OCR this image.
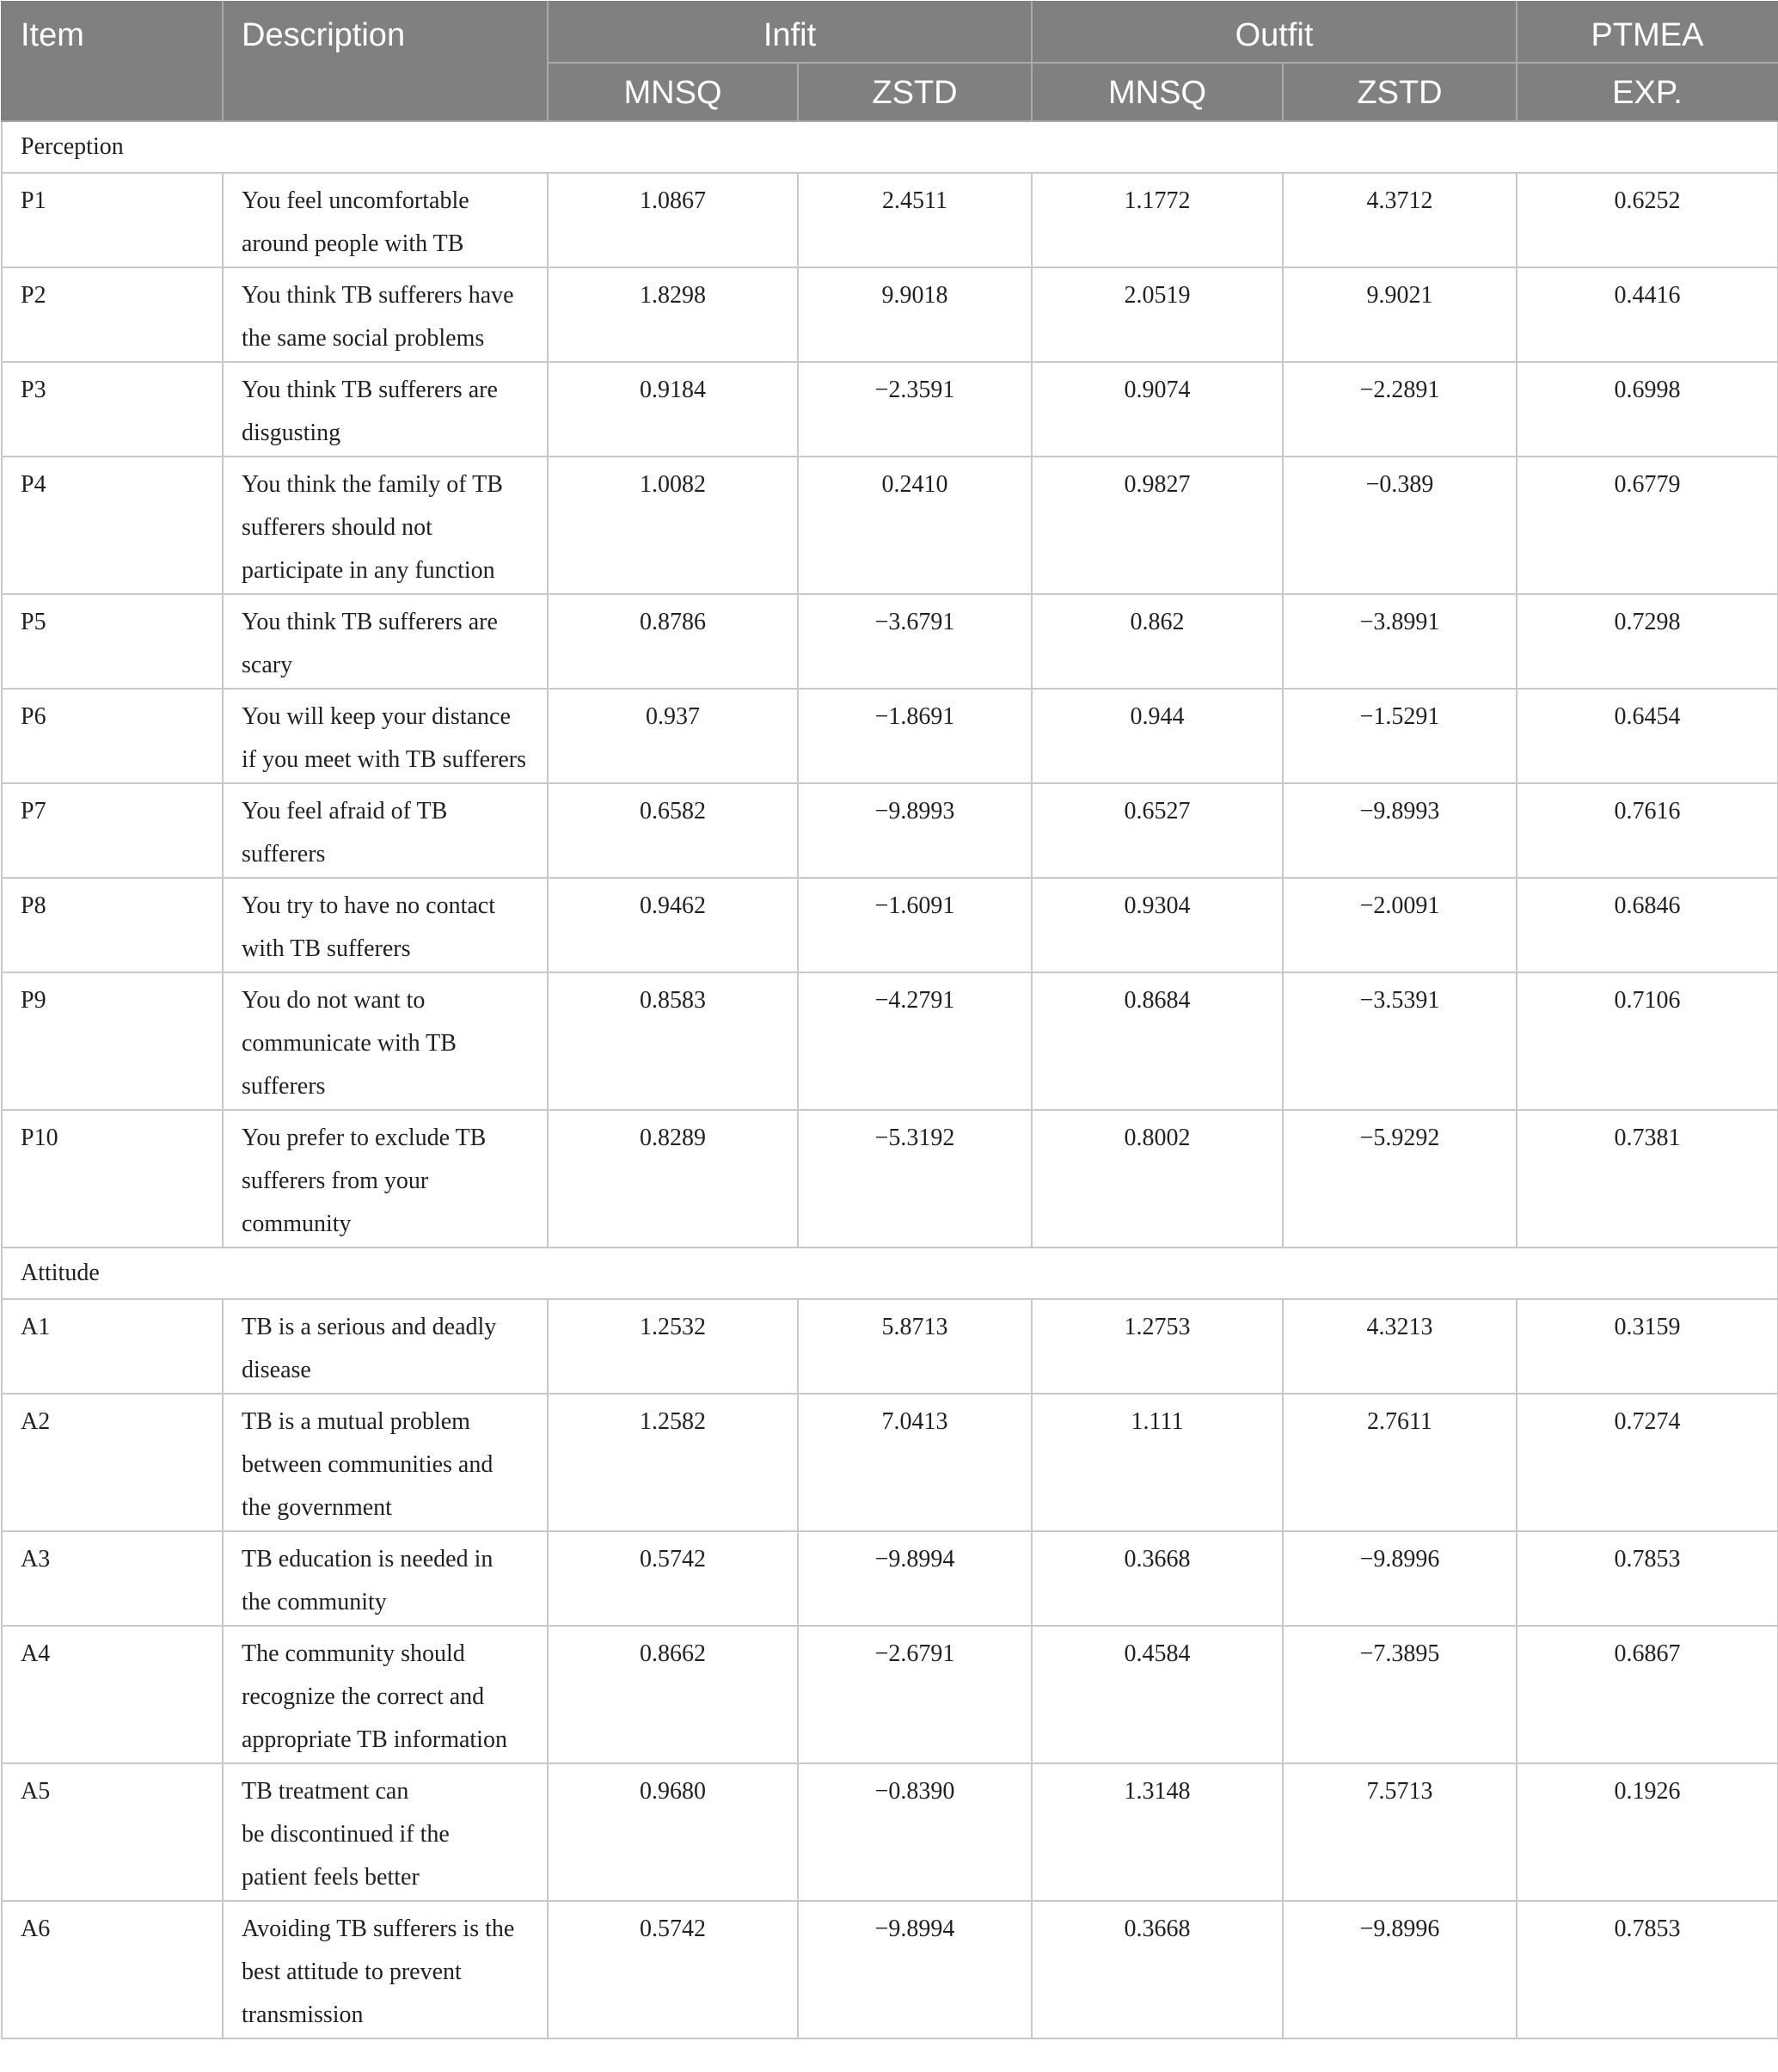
Item	Description	Infit		Outfit		PTMEA
		MNSQ	ZSTD	MNSQ	ZSTD	EXP.
Perception						
P1	You feel uncomfortable
around people with TB	1.0867	2.4511	1.1772	4.3712	0.6252
P2	You think TB sufferers have
the same social problems	1.8298	9.9018	2.0519	9.9021	0.4416
P3	You think TB sufferers are
disgusting	0.9184	−2.3591	0.9074	−2.2891	0.6998
P4	You think the family of TB
sufferers should not
participate in any function	1.0082	0.2410	0.9827	−0.389	0.6779
P5	You think TB sufferers are
scary	0.8786	−3.6791	0.862	−3.8991	0.7298
P6	You will keep your distance
if you meet with TB sufferers	0.937	−1.8691	0.944	−1.5291	0.6454
P7	You feel afraid of TB
sufferers	0.6582	−9.8993	0.6527	−9.8993	0.7616
P8	You try to have no contact
with TB sufferers	0.9462	−1.6091	0.9304	−2.0091	0.6846
P9	You do not want to
communicate with TB
sufferers	0.8583	−4.2791	0.8684	−3.5391	0.7106
P10	You prefer to exclude TB
sufferers from your
community	0.8289	−5.3192	0.8002	−5.9292	0.7381
Attitude						
A1	TB is a serious and deadly
disease	1.2532	5.8713	1.2753	4.3213	0.3159
A2	TB is a mutual problem
between communities and
the government	1.2582	7.0413	1.111	2.7611	0.7274
A3	TB education is needed in
the community	0.5742	−9.8994	0.3668	−9.8996	0.7853
A4	The community should
recognize the correct and
appropriate TB information	0.8662	−2.6791	0.4584	−7.3895	0.6867
A5	TB treatment can
be discontinued if the
patient feels better	0.9680	−0.8390	1.3148	7.5713	0.1926
A6	Avoiding TB sufferers is the
best attitude to prevent
transmission	0.5742	−9.8994	0.3668	−9.8996	0.7853
